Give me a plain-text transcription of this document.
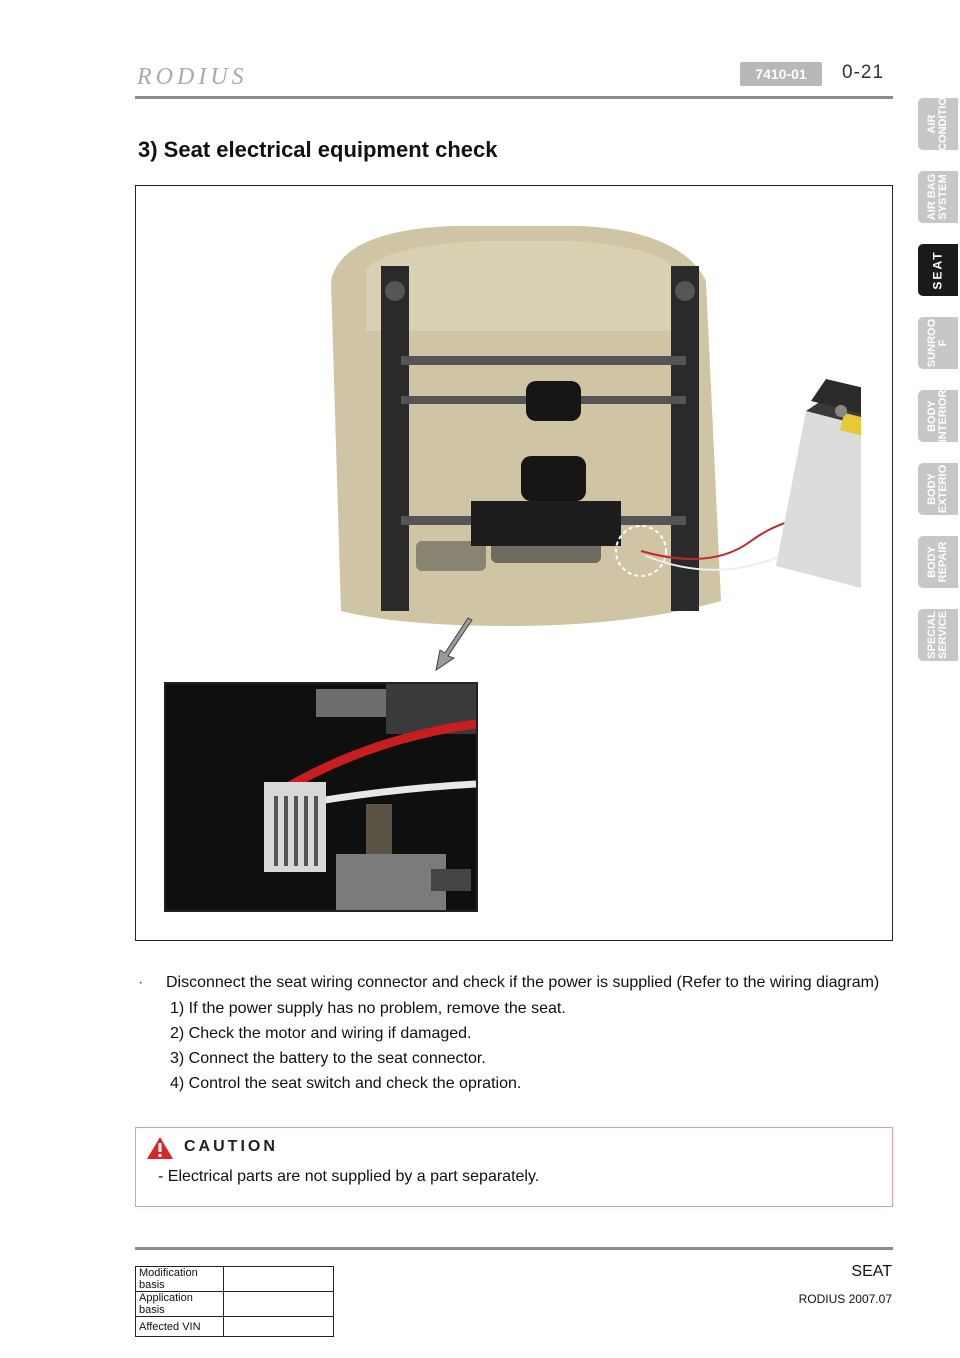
RODIUS	7410-01	0-21
3) Seat electrical equipment check
·	Disconnect the seat wiring connector and check if the power is supplied (Refer to the wiring diagram)
1) If the power supply has no problem, remove the seat.
2) Check the motor and wiring if damaged.
3) Connect the battery to the seat connector.
4) Control the seat switch and check the opration.
CAUTION
- Electrical parts are not supplied by a part separately.
Modification basis	
Application basis	
Affected VIN	
SEAT
RODIUS 2007.07
AIR
CONDITIO
AIR BAG
SYSTEM
SEAT
SUNROO
F
BODY
INTERIOR
BODY
EXTERIO
BODY
REPAIR
SPECIAL
SERVICE
